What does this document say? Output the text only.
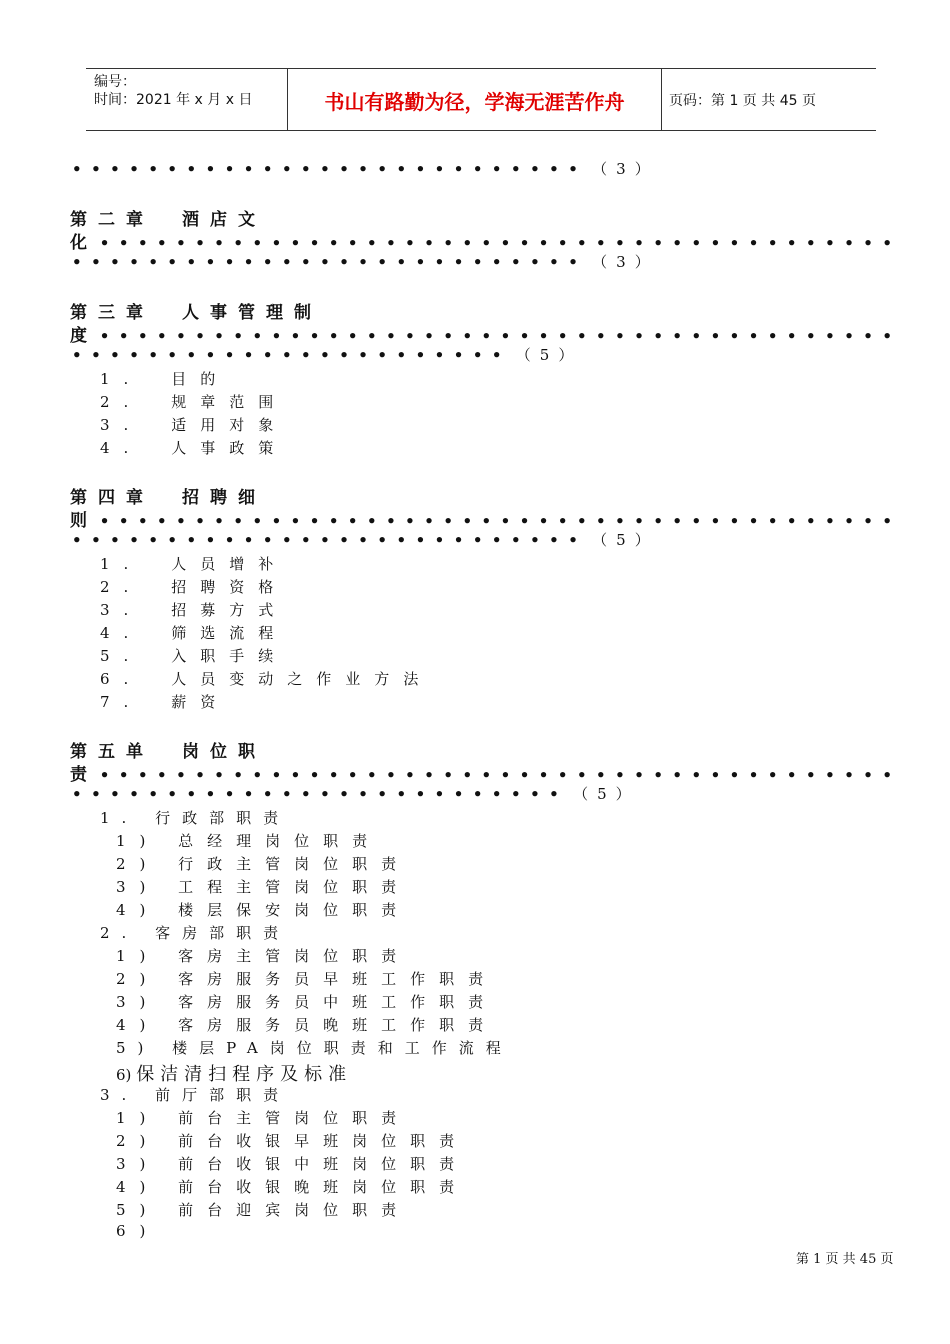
编号：
时间：2021 年 x 月 x 日	书山有路勤为径，学海无涯苦作舟	页码：第 1 页 共 45 页
••••••••••••••••••••••••••• （3）
第二章　酒店文
化 ••••••••••••••••••••••••••••••••••••••••••
••••••••••••••••••••••••••• （3）
第三章　人事管理制
度 ••••••••••••••••••••••••••••••••••••••••••
••••••••••••••••••••••• （5）
1.　目的
2.　规章范围
3.　适用对象
4.　人事政策
第四章　招聘细
则 ••••••••••••••••••••••••••••••••••••••••••
••••••••••••••••••••••••••• （5）
1.　人员增补
2.　招聘资格
3.　招募方式
4.　筛选流程
5.　入职手续
6.　人员变动之作业方法
7.　薪资
第五单　岗位职
责 ••••••••••••••••••••••••••••••••••••••••••
•••••••••••••••••••••••••• （5）
1. 行政部职责
1) 总经理岗位职责
2) 行政主管岗位职责
3) 工程主管岗位职责
4) 楼层保安岗位职责
2. 客房部职责
1) 客房主管岗位职责
2) 客房服务员早班工作职责
3) 客房服务员中班工作职责
4) 客房服务员晚班工作职责
5) 楼层PA岗位职责和工作流程
6) 保洁清扫程序及标准
3. 前厅部职责
1) 前台主管岗位职责
2) 前台收银早班岗位职责
3) 前台收银中班岗位职责
4) 前台收银晚班岗位职责
5) 前台迎宾岗位职责
6)
第 1 页 共 45 页
